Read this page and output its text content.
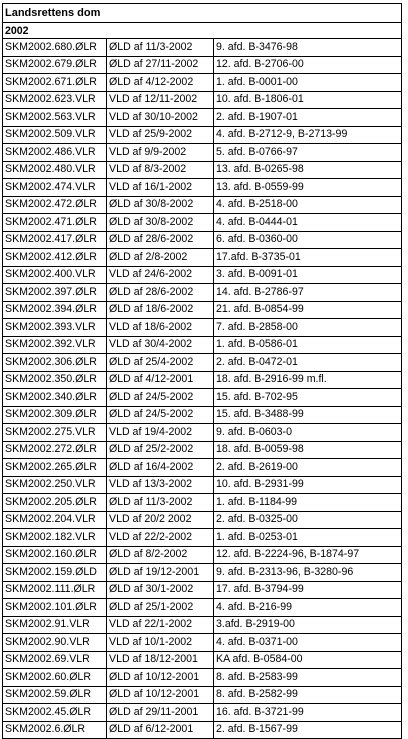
Landsrettens dom		
2002		
SKM2002.680.ØLR	ØLD af 11/3-2002	9. afd. B-3476-98
SKM2002.679.ØLR	ØLD af 27/11-2002	12. afd. B-2706-00
SKM2002.671.ØLR	ØLD af 4/12-2002	1. afd. B-0001-00
SKM2002.623.VLR	VLD af 12/11-2002	10. afd. B-1806-01
SKM2002.563.VLR	VLD af 30/10-2002	2. afd. B-1907-01
SKM2002.509.VLR	VLD af 25/9-2002	4. afd. B-2712-9, B-2713-99
SKM2002.486.VLR	VLD af 9/9-2002	5. afd. B-0766-97
SKM2002.480.VLR	VLD af 8/3-2002	13. afd. B-0265-98
SKM2002.474.VLR	VLD af 16/1-2002	13. afd. B-0559-99
SKM2002.472.ØLR	ØLD af 30/8-2002	4. afd. B-2518-00
SKM2002.471.ØLR	ØLD af 30/8-2002	4. afd. B-0444-01
SKM2002.417.ØLR	ØLD af 28/6-2002	6. afd. B-0360-00
SKM2002.412.ØLR	ØLD af 2/8-2002	17.afd. B-3735-01
SKM2002.400.VLR	VLD af 24/6-2002	3. afd. B-0091-01
SKM2002.397.ØLR	ØLD af 28/6-2002	14. afd. B-2786-97
SKM2002.394.ØLR	ØLD af 18/6-2002	21. afd. B-0854-99
SKM2002.393.VLR	VLD af 18/6-2002	7. afd. B-2858-00
SKM2002.392.VLR	VLD af 30/4-2002	1. afd. B-0586-01
SKM2002.306.ØLR	ØLD af 25/4-2002	2. afd. B-0472-01
SKM2002.350.ØLR	ØLD af 4/12-2001	18. afd. B-2916-99 m.fl.
SKM2002.340.ØLR	ØLD af 24/5-2002	15. afd. B-702-95
SKM2002.309.ØLR	ØLD af 24/5-2002	15. afd. B-3488-99
SKM2002.275.VLR	VLD af 19/4-2002	9. afd. B-0603-0
SKM2002.272.ØLR	ØLD af 25/2-2002	18. afd. B-0059-98
SKM2002.265.ØLR	ØLD af 16/4-2002	2. afd. B-2619-00
SKM2002.250.VLR	VLD af 13/3-2002	10. afd. B-2931-99
SKM2002.205.ØLR	ØLD af 11/3-2002	1. afd. B-1184-99
SKM2002.204.VLR	VLD af 20/2 2002	2. afd. B-0325-00
SKM2002.182.VLR	VLD af 22/2-2002	1. afd. B-0253-01
SKM2002.160.ØLR	ØLD af 8/2-2002	12. afd. B-2224-96, B-1874-97
SKM2002.159.ØLD	ØLD af 19/12-2001	9. afd. B-2313-96, B-3280-96
SKM2002.111.ØLR	ØLD af 30/1-2002	17. afd. B-3794-99
SKM2002.101.ØLR	ØLD af 25/1-2002	4. afd. B-216-99
SKM2002.91.VLR	VLD af 22/1-2002	3.afd. B-2919-00
SKM2002.90.VLR	VLD af 10/1-2002	4. afd. B-0371-00
SKM2002.69.VLR	VLD af 18/12-2001	KA afd. B-0584-00
SKM2002.60.ØLR	ØLD af 10/12-2001	8. afd. B-2583-99
SKM2002.59.ØLR	ØLD af 10/12-2001	8. afd. B-2582-99
SKM2002.45.ØLR	ØLD af 29/11-2001	16. afd. B-3721-99
SKM2002.6.ØLR	ØLD af 6/12-2001	2. afd. B-1567-99
